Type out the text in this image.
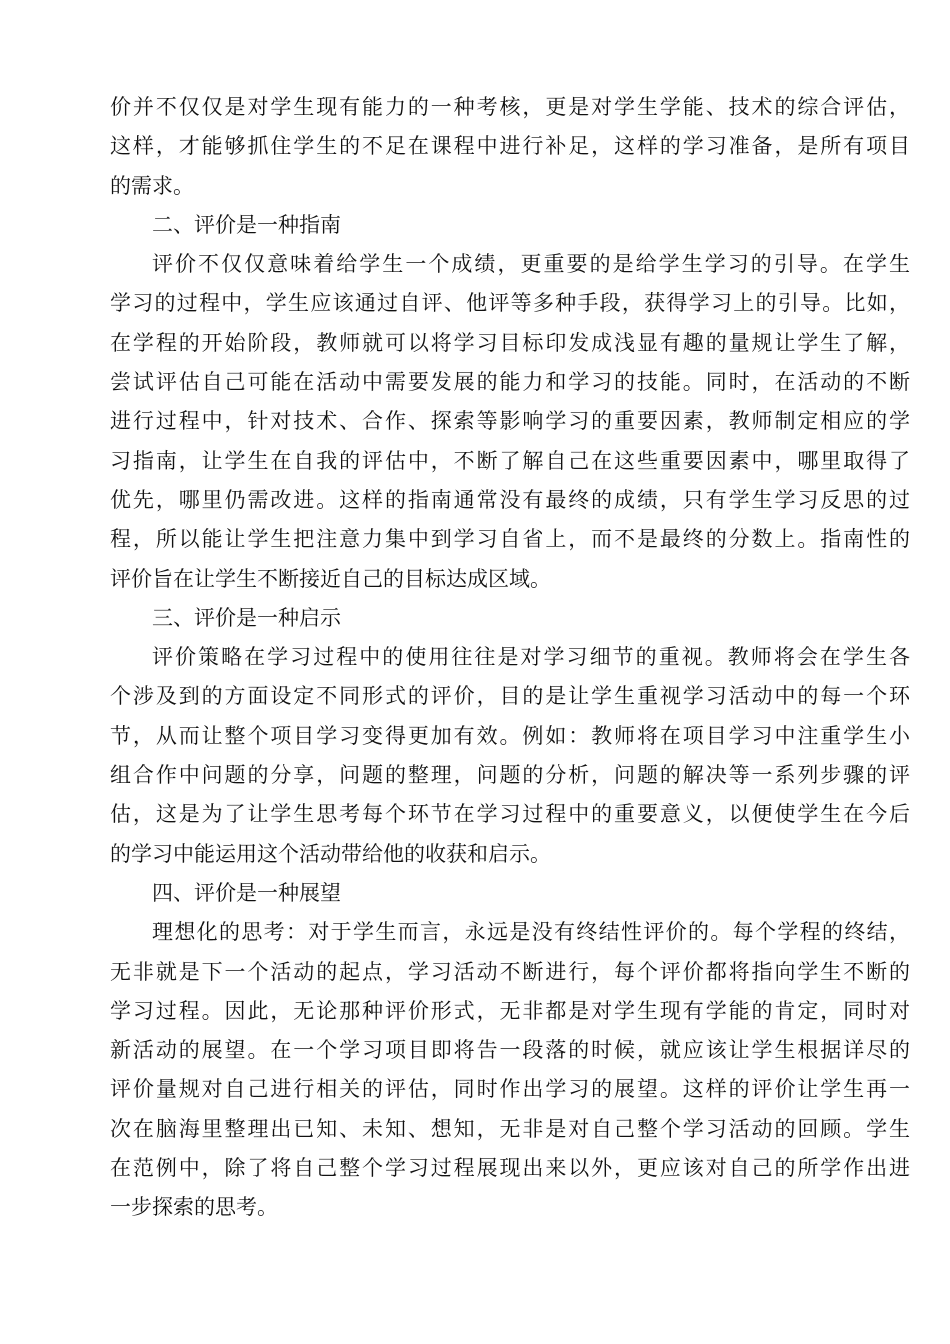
价并不仅仅是对学生现有能力的一种考核，更是对学生学能、技术的综合评估，
这样，才能够抓住学生的不足在课程中进行补足，这样的学习准备，是所有项目
的需求。
二、评价是一种指南
评价不仅仅意味着给学生一个成绩，更重要的是给学生学习的引导。在学生
学习的过程中，学生应该通过自评、他评等多种手段，获得学习上的引导。比如，
在学程的开始阶段，教师就可以将学习目标印发成浅显有趣的量规让学生了解，
尝试评估自己可能在活动中需要发展的能力和学习的技能。同时，在活动的不断
进行过程中，针对技术、合作、探索等影响学习的重要因素，教师制定相应的学
习指南，让学生在自我的评估中，不断了解自己在这些重要因素中，哪里取得了
优先，哪里仍需改进。这样的指南通常没有最终的成绩，只有学生学习反思的过
程，所以能让学生把注意力集中到学习自省上，而不是最终的分数上。指南性的
评价旨在让学生不断接近自己的目标达成区域。
三、评价是一种启示
评价策略在学习过程中的使用往往是对学习细节的重视。教师将会在学生各
个涉及到的方面设定不同形式的评价，目的是让学生重视学习活动中的每一个环
节，从而让整个项目学习变得更加有效。例如：教师将在项目学习中注重学生小
组合作中问题的分享，问题的整理，问题的分析，问题的解决等一系列步骤的评
估，这是为了让学生思考每个环节在学习过程中的重要意义，以便使学生在今后
的学习中能运用这个活动带给他的收获和启示。
四、评价是一种展望
理想化的思考：对于学生而言，永远是没有终结性评价的。每个学程的终结，
无非就是下一个活动的起点，学习活动不断进行，每个评价都将指向学生不断的
学习过程。因此，无论那种评价形式，无非都是对学生现有学能的肯定，同时对
新活动的展望。在一个学习项目即将告一段落的时候，就应该让学生根据详尽的
评价量规对自己进行相关的评估，同时作出学习的展望。这样的评价让学生再一
次在脑海里整理出已知、未知、想知，无非是对自己整个学习活动的回顾。学生
在范例中，除了将自己整个学习过程展现出来以外，更应该对自己的所学作出进
一步探索的思考。
